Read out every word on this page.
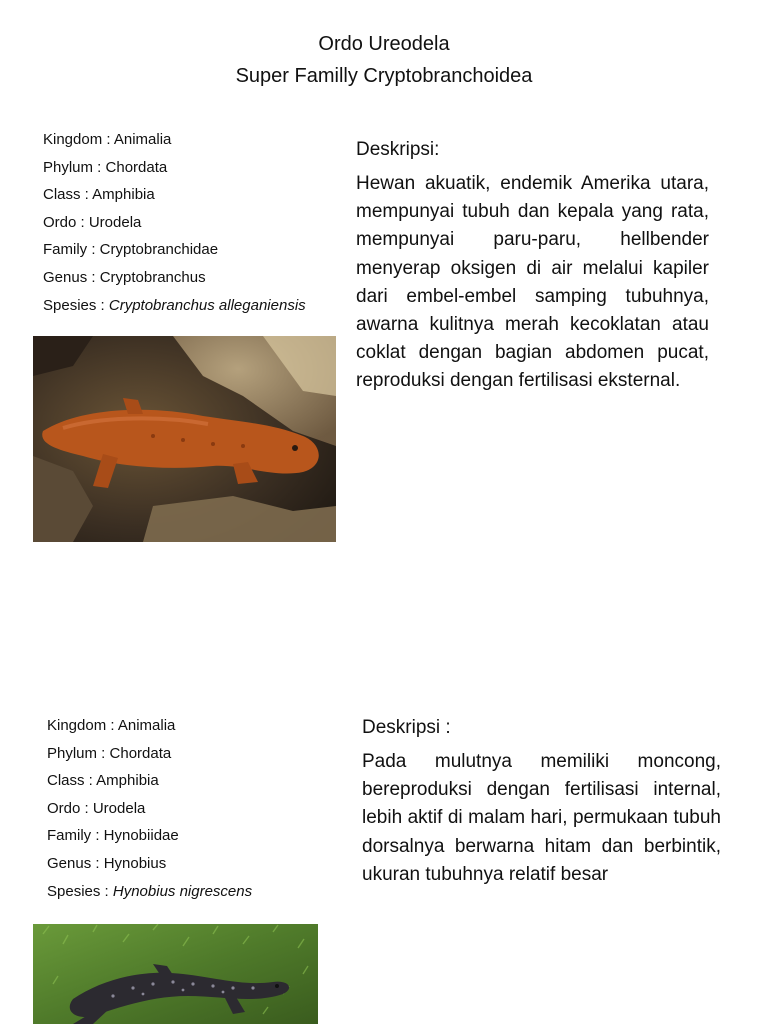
Ordo Ureodela
Super Familly Cryptobranchoidea
Kingdom : Animalia
Phylum : Chordata
Class : Amphibia
Ordo : Urodela
Family : Cryptobranchidae
Genus : Cryptobranchus
Spesies : Cryptobranchus alleganiensis
Deskripsi:
Hewan akuatik, endemik Amerika utara, mempunyai tubuh dan kepala yang rata, mempunyai paru-paru, hellbender menyerap oksigen di air melalui kapiler dari embel-embel samping tubuhnya, awarna kulitnya merah kecoklatan atau coklat dengan bagian abdomen pucat, reproduksi dengan fertilisasi eksternal.
Kingdom : Animalia
Phylum : Chordata
Class : Amphibia
Ordo : Urodela
Family : Hynobiidae
Genus : Hynobius
Spesies : Hynobius nigrescens
Deskripsi :
Pada mulutnya memiliki moncong, bereproduksi dengan fertilisasi internal, lebih aktif di malam hari, permukaan tubuh dorsalnya berwarna hitam dan berbintik, ukuran tubuhnya relatif besar
